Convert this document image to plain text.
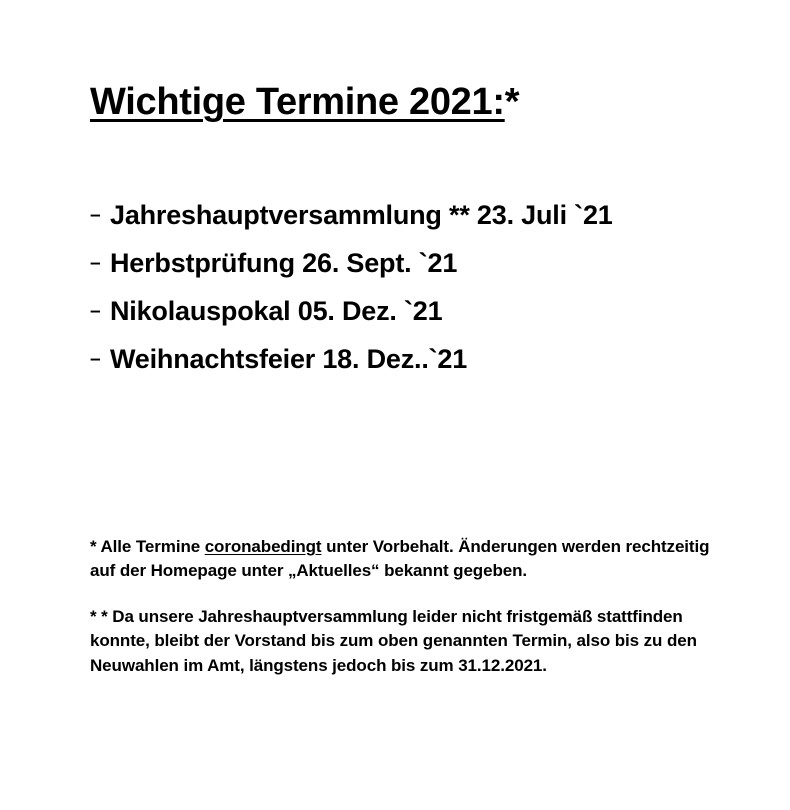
Wichtige Termine 2021:*
– Jahreshauptversammlung ** 23. Juli `21
– Herbstprüfung 26. Sept. `21
– Nikolauspokal 05. Dez. `21
– Weihnachtsfeier 18. Dez..`21

* Alle Termine coronabedingt unter Vorbehalt. Änderungen werden rechtzeitig auf der Homepage unter „Aktuelles“ bekannt gegeben.

* * Da unsere Jahreshauptversammlung leider nicht fristgemäß stattfinden konnte, bleibt der Vorstand bis zum oben genannten Termin, also bis zu den Neuwahlen im Amt, längstens jedoch bis zum 31.12.2021.
